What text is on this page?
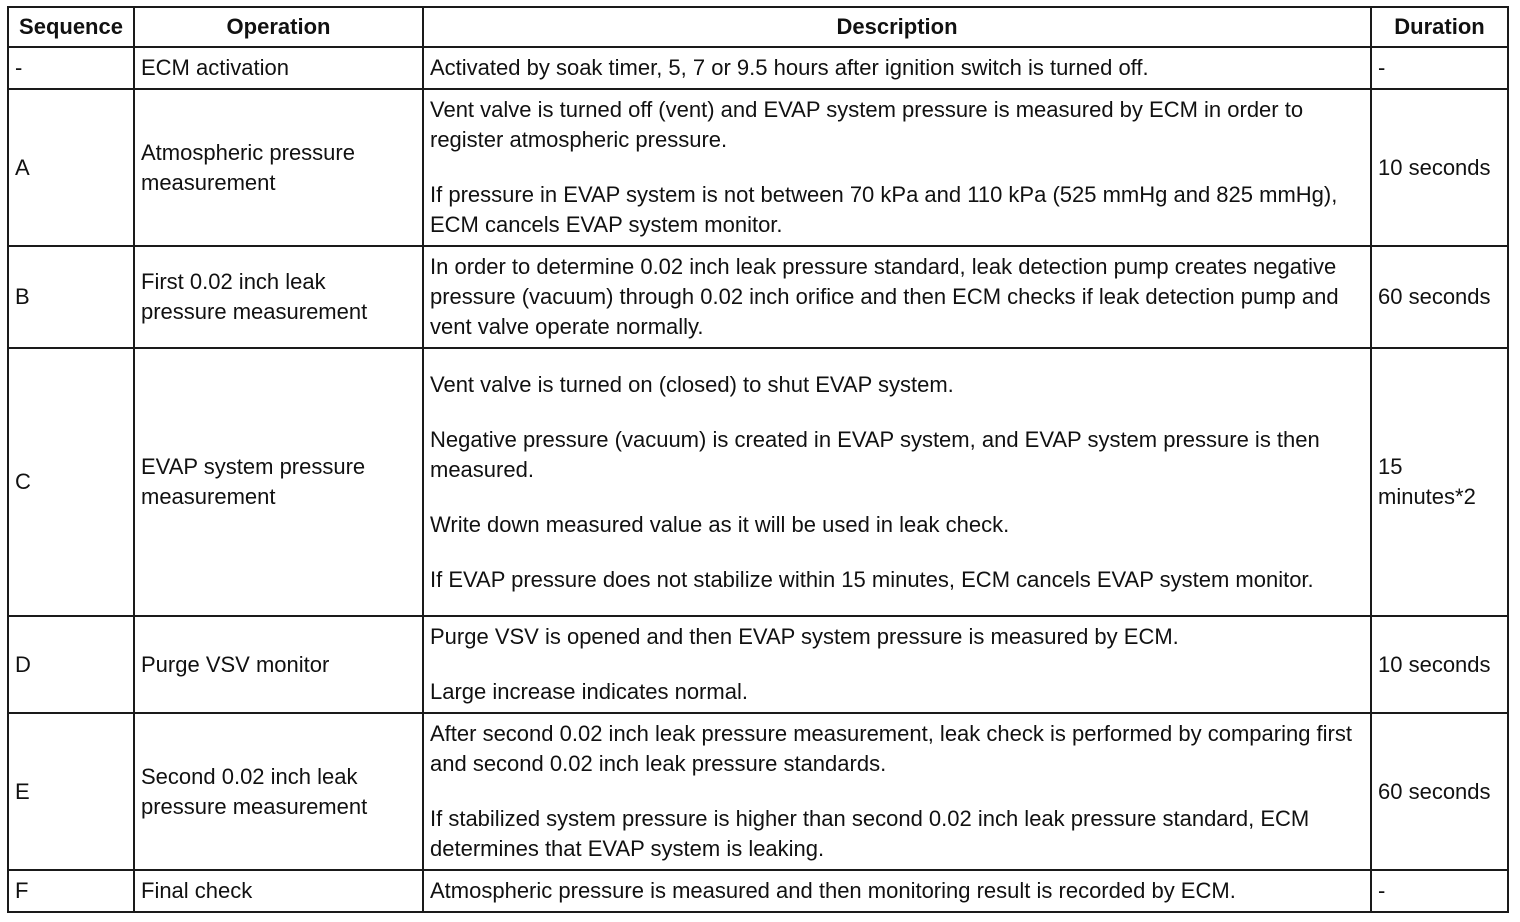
Sequence	Operation	Description	Duration
-	ECM activation	Activated by soak timer, 5, 7 or 9.5 hours after ignition switch is turned off.	-
A	Atmospheric pressure measurement	Vent valve is turned off (vent) and EVAP system pressure is measured by ECM in order to register atmospheric pressure.

If pressure in EVAP system is not between 70 kPa and 110 kPa (525 mmHg and 825 mmHg), ECM cancels EVAP system monitor.	10 seconds
B	First 0.02 inch leak pressure measurement	In order to determine 0.02 inch leak pressure standard, leak detection pump creates negative pressure (vacuum) through 0.02 inch orifice and then ECM checks if leak detection pump and vent valve operate normally.	60 seconds
C	EVAP system pressure measurement	Vent valve is turned on (closed) to shut EVAP system.

Negative pressure (vacuum) is created in EVAP system, and EVAP system pressure is then measured.

Write down measured value as it will be used in leak check.

If EVAP pressure does not stabilize within 15 minutes, ECM cancels EVAP system monitor.	15 minutes*2
D	Purge VSV monitor	Purge VSV is opened and then EVAP system pressure is measured by ECM.

Large increase indicates normal.	10 seconds
E	Second 0.02 inch leak pressure measurement	After second 0.02 inch leak pressure measurement, leak check is performed by comparing first and second 0.02 inch leak pressure standards.

If stabilized system pressure is higher than second 0.02 inch leak pressure standard, ECM determines that EVAP system is leaking.	60 seconds
F	Final check	Atmospheric pressure is measured and then monitoring result is recorded by ECM.	-
